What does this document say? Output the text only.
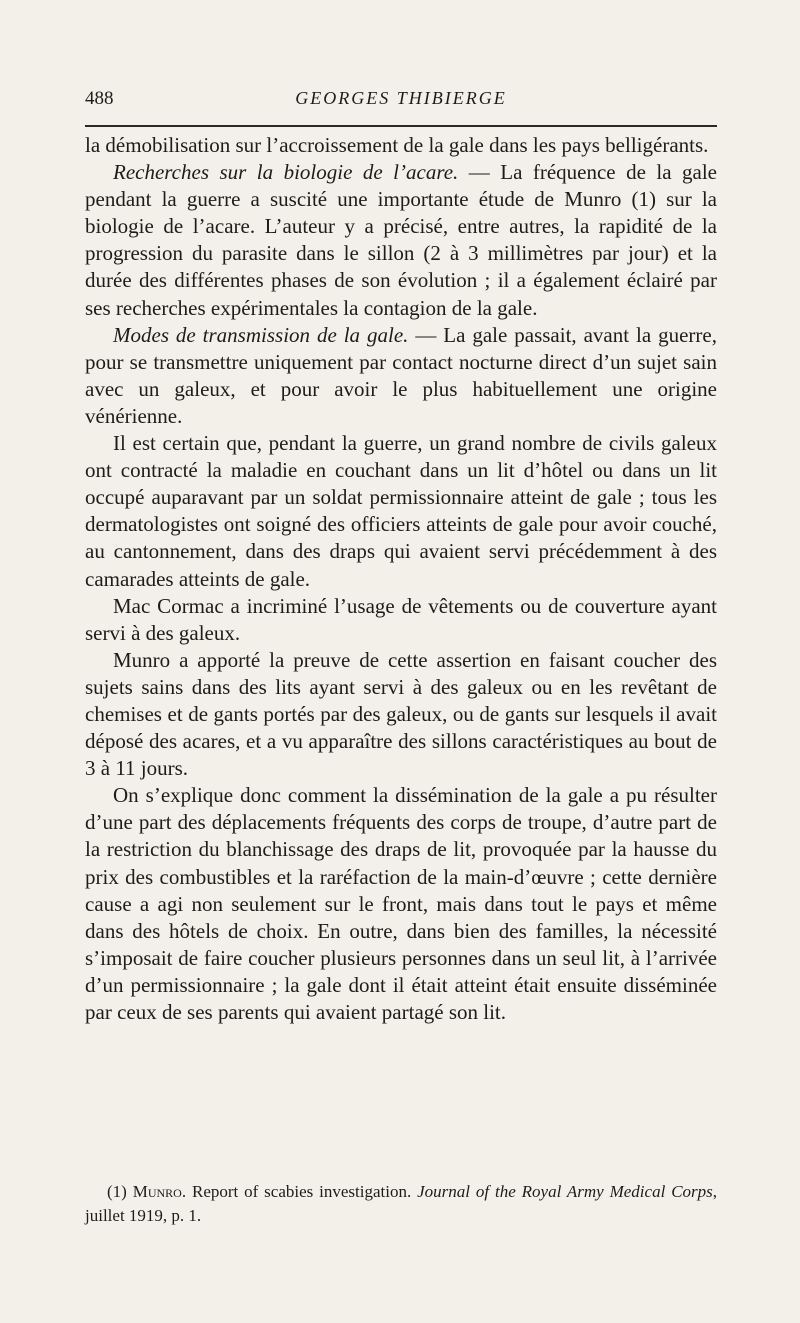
488	GEORGES THIBIERGE

la démobilisation sur l’accroissement de la gale dans les pays belligérants.

Recherches sur la biologie de l’acare. — La fréquence de la gale pendant la guerre a suscité une importante étude de Munro (1) sur la biologie de l’acare. L’auteur y a précisé, entre autres, la rapidité de la progression du parasite dans le sillon (2 à 3 millimètres par jour) et la durée des différentes phases de son évolution ; il a également éclairé par ses recherches expérimentales la contagion de la gale.

Modes de transmission de la gale. — La gale passait, avant la guerre, pour se transmettre uniquement par contact nocturne direct d’un sujet sain avec un galeux, et pour avoir le plus habituellement une origine vénérienne.

Il est certain que, pendant la guerre, un grand nombre de civils galeux ont contracté la maladie en couchant dans un lit d’hôtel ou dans un lit occupé auparavant par un soldat permissionnaire atteint de gale ; tous les dermatologistes ont soigné des officiers atteints de gale pour avoir couché, au cantonnement, dans des draps qui avaient servi précédemment à des camarades atteints de gale.

Mac Cormac a incriminé l’usage de vêtements ou de couverture ayant servi à des galeux.

Munro a apporté la preuve de cette assertion en faisant coucher des sujets sains dans des lits ayant servi à des galeux ou en les revêtant de chemises et de gants portés par des galeux, ou de gants sur lesquels il avait déposé des acares, et a vu apparaître des sillons caractéristiques au bout de 3 à 11 jours.

On s’explique donc comment la dissémination de la gale a pu résulter d’une part des déplacements fréquents des corps de troupe, d’autre part de la restriction du blanchissage des draps de lit, provoquée par la hausse du prix des combustibles et la raréfaction de la main-d’œuvre ; cette dernière cause a agi non seulement sur le front, mais dans tout le pays et même dans des hôtels de choix. En outre, dans bien des familles, la nécessité s’imposait de faire coucher plusieurs personnes dans un seul lit, à l’arrivée d’un permissionnaire ; la gale dont il était atteint était ensuite disséminée par ceux de ses parents qui avaient partagé son lit.

(1) Munro. Report of scabies investigation. Journal of the Royal Army Medical Corps, juillet 1919, p. 1.
